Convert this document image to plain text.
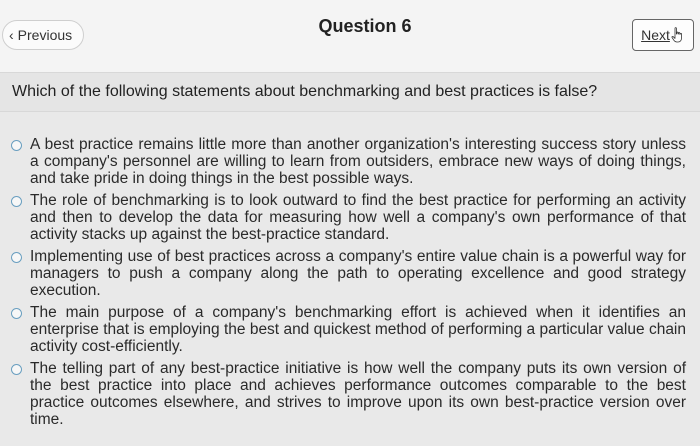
‹ Previous	Question 6	Next
Which of the following statements about benchmarking and best practices is false?
A best practice remains little more than another organization's interesting success story unless a company's personnel are willing to learn from outsiders, embrace new ways of doing things, and take pride in doing things in the best possible ways.
The role of benchmarking is to look outward to find the best practice for performing an activity and then to develop the data for measuring how well a company's own performance of that activity stacks up against the best-practice standard.
Implementing use of best practices across a company's entire value chain is a powerful way for managers to push a company along the path to operating excellence and good strategy execution.
The main purpose of a company's benchmarking effort is achieved when it identifies an enterprise that is employing the best and quickest method of performing a particular value chain activity cost-efficiently.
The telling part of any best-practice initiative is how well the company puts its own version of the best practice into place and achieves performance outcomes comparable to the best practice outcomes elsewhere, and strives to improve upon its own best-practice version over time.
